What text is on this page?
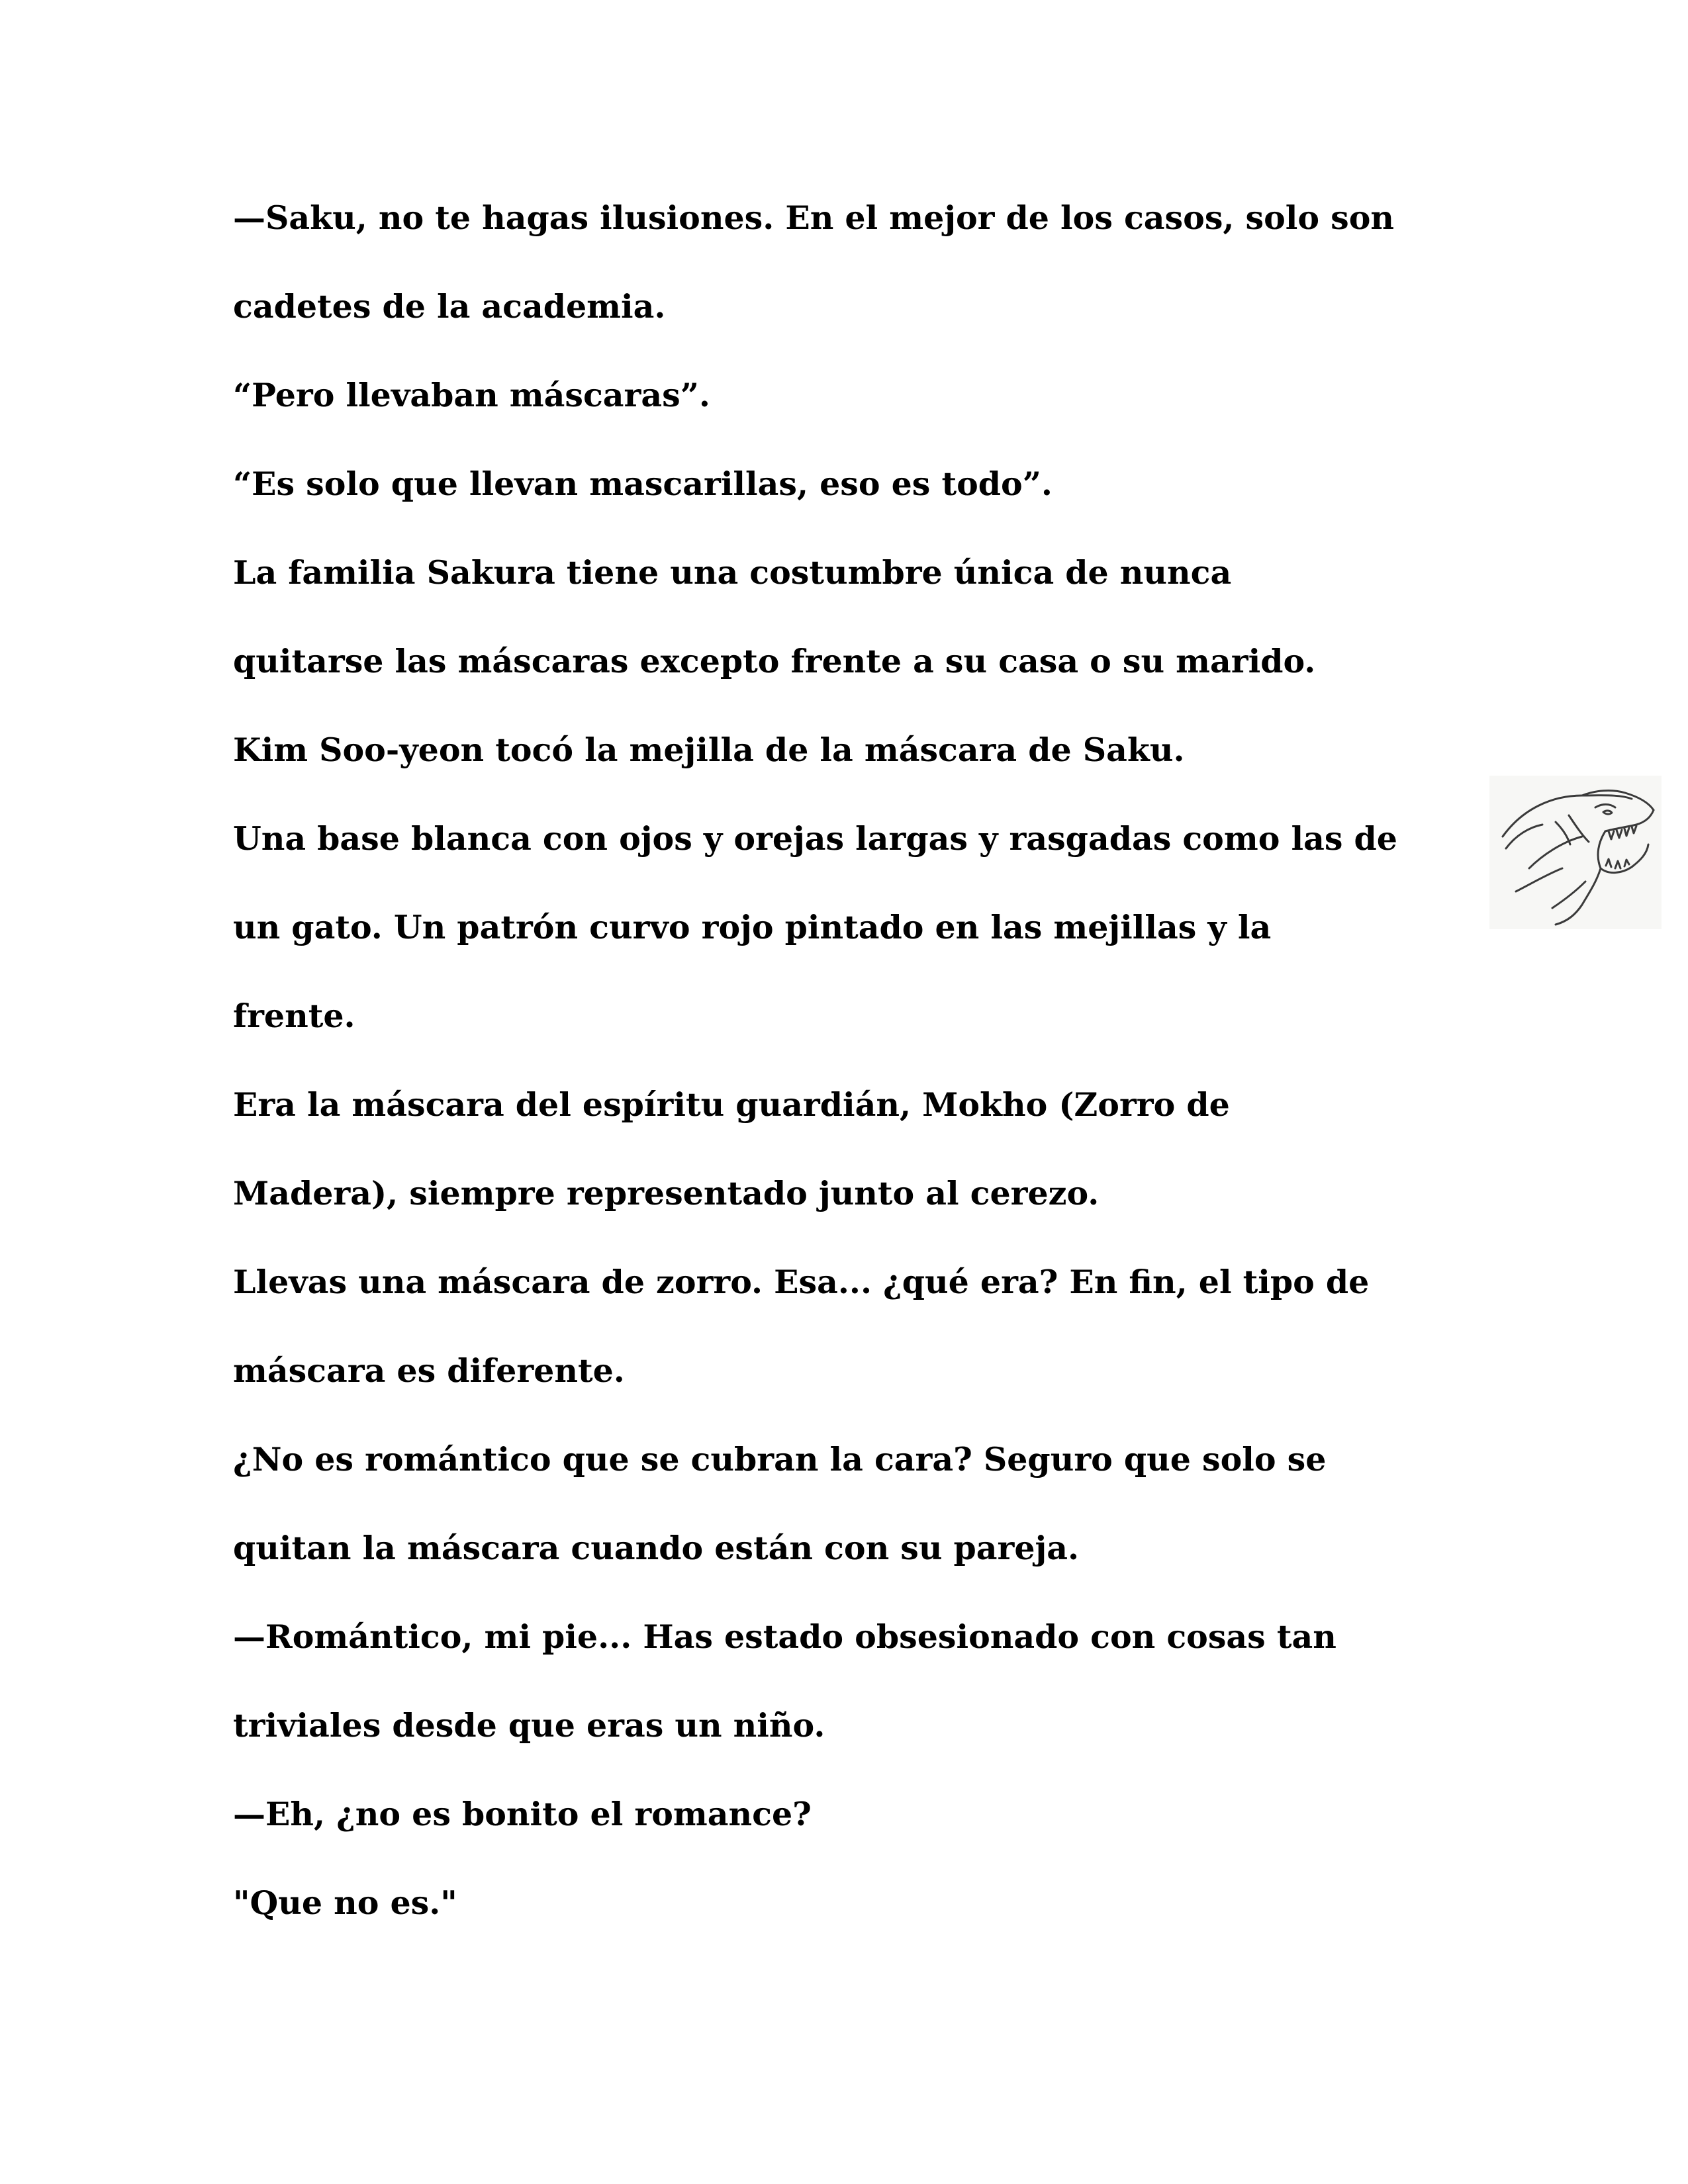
—Saku, no te hagas ilusiones. En el mejor de los casos, solo son
cadetes de la academia.
“Pero llevaban máscaras”.
“Es solo que llevan mascarillas, eso es todo”.
La familia Sakura tiene una costumbre única de nunca
quitarse las máscaras excepto frente a su casa o su marido.
Kim Soo-yeon tocó la mejilla de la máscara de Saku.
Una base blanca con ojos y orejas largas y rasgadas como las de
un gato. Un patrón curvo rojo pintado en las mejillas y la
frente.
Era la máscara del espíritu guardián, Mokho (Zorro de
Madera), siempre representado junto al cerezo.
Llevas una máscara de zorro. Esa... ¿qué era? En fin, el tipo de
máscara es diferente.
¿No es romántico que se cubran la cara? Seguro que solo se
quitan la máscara cuando están con su pareja.
—Romántico, mi pie... Has estado obsesionado con cosas tan
triviales desde que eras un niño.
—Eh, ¿no es bonito el romance?
"Que no es."
